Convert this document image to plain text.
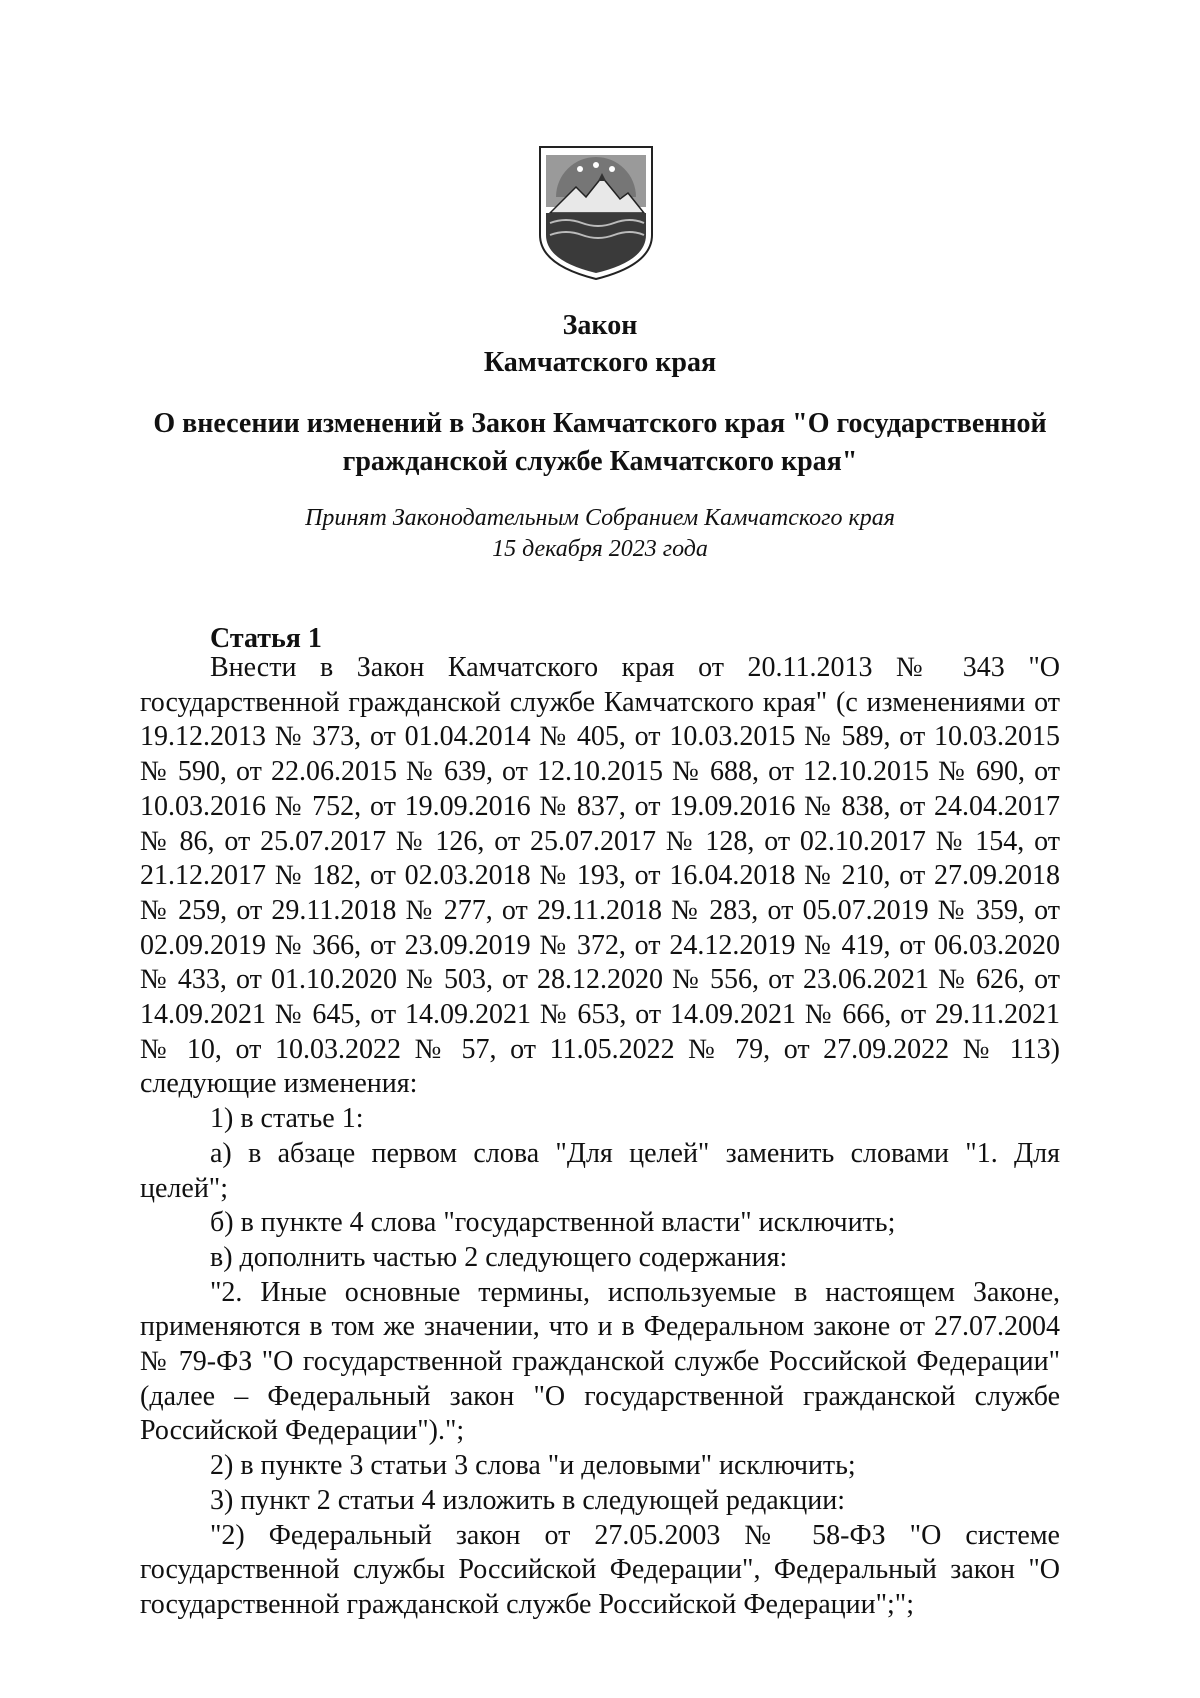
Закон
Камчатского края
О внесении изменений в Закон Камчатского края "О государственной
гражданской службе Камчатского края"
Принят Законодательным Собранием Камчатского края
15 декабря 2023 года
Статья 1

Внести в Закон Камчатского края от 20.11.2013 № 343 "О государственной гражданской службе Камчатского края" (с изменениями от 19.12.2013 № 373, от 01.04.2014 № 405, от 10.03.2015 № 589, от 10.03.2015 № 590, от 22.06.2015 № 639, от 12.10.2015 № 688, от 12.10.2015 № 690, от 10.03.2016 № 752, от 19.09.2016 № 837, от 19.09.2016 № 838, от 24.04.2017 № 86, от 25.07.2017 № 126, от 25.07.2017 № 128, от 02.10.2017 № 154, от 21.12.2017 № 182, от 02.03.2018 № 193, от 16.04.2018 № 210, от 27.09.2018 № 259, от 29.11.2018 № 277, от 29.11.2018 № 283, от 05.07.2019 № 359, от 02.09.2019 № 366, от 23.09.2019 № 372, от 24.12.2019 № 419, от 06.03.2020 № 433, от 01.10.2020 № 503, от 28.12.2020 № 556, от 23.06.2021 № 626, от 14.09.2021 № 645, от 14.09.2021 № 653, от 14.09.2021 № 666, от 29.11.2021 № 10, от 10.03.2022 № 57, от 11.05.2022 № 79, от 27.09.2022 № 113) следующие изменения:

1) в статье 1:

а) в абзаце первом слова "Для целей" заменить словами "1. Для целей";

б) в пункте 4 слова "государственной власти" исключить;

в) дополнить частью 2 следующего содержания:

"2. Иные основные термины, используемые в настоящем Законе, применяются в том же значении, что и в Федеральном законе от 27.07.2004 № 79-ФЗ "О государственной гражданской службе Российской Федерации" (далее – Федеральный закон "О государственной гражданской службе Российской Федерации").";

2) в пункте 3 статьи 3 слова "и деловыми" исключить;

3) пункт 2 статьи 4 изложить в следующей редакции:

"2) Федеральный закон от 27.05.2003 № 58-ФЗ "О системе государственной службы Российской Федерации", Федеральный закон "О государственной гражданской службе Российской Федерации";";
